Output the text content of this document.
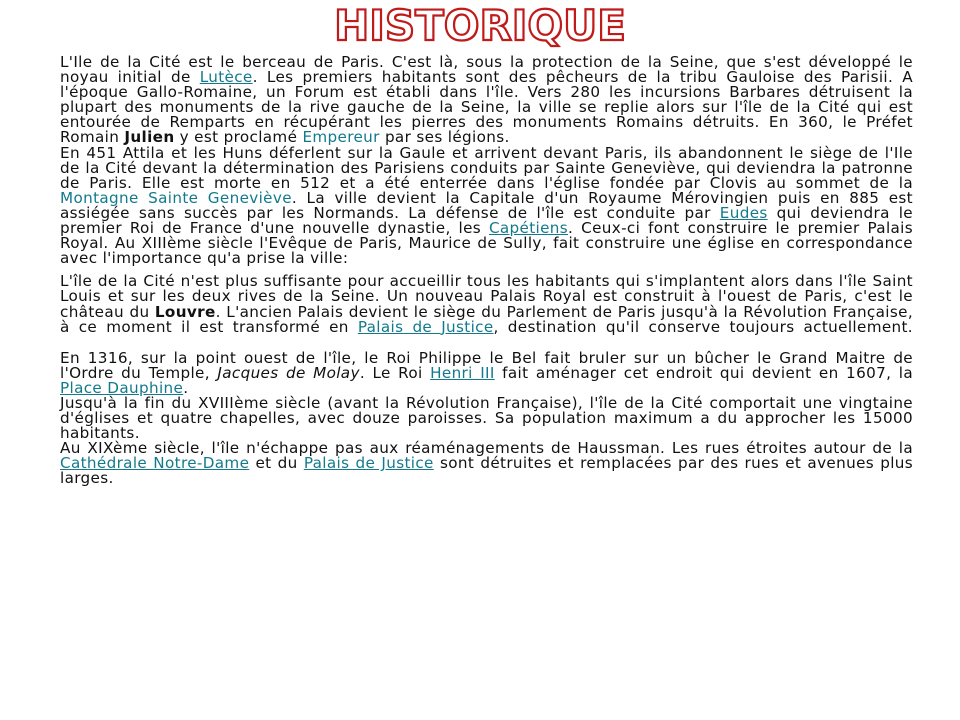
HISTORIQUE

L'Ile de la Cité est le berceau de Paris. C'est là, sous la protection de la Seine, que s'est développé le noyau initial de Lutèce. Les premiers habitants sont des pêcheurs de la tribu Gauloise des Parisii. A l'époque Gallo-Romaine, un Forum est établi dans l'île. Vers 280 les incursions Barbares détruisent la plupart des monuments de la rive gauche de la Seine, la ville se replie alors sur l'île de la Cité qui est entourée de Remparts en récupérant les pierres des monuments Romains détruits. En 360, le Préfet Romain Julien y est proclamé Empereur par ses légions.

En 451 Attila et les Huns déferlent sur la Gaule et arrivent devant Paris, ils abandonnent le siège de l'Ile de la Cité devant la détermination des Parisiens conduits par Sainte Geneviève, qui deviendra la patronne de Paris. Elle est morte en 512 et a été enterrée dans l'église fondée par Clovis au sommet de la Montagne Sainte Geneviève. La ville devient la Capitale d'un Royaume Mérovingien puis en 885 est assiégée sans succès par les Normands. La défense de l'île est conduite par Eudes qui deviendra le premier Roi de France d'une nouvelle dynastie, les Capétiens. Ceux-ci font construire le premier Palais Royal. Au XIIIème siècle l'Evêque de Paris, Maurice de Sully, fait construire une église en correspondance avec l'importance qu'a prise la ville:

L'île de la Cité n'est plus suffisante pour accueillir tous les habitants qui s'implantent alors dans l'île Saint Louis et sur les deux rives de la Seine. Un nouveau Palais Royal est construit à l'ouest de Paris, c'est le château du Louvre. L'ancien Palais devient le siège du Parlement de Paris jusqu'à la Révolution Française, à ce moment il est transformé en Palais de Justice, destination qu'il conserve toujours actuellement.

En 1316, sur la point ouest de l'île, le Roi Philippe le Bel fait bruler sur un bûcher le Grand Maitre de l'Ordre du Temple, Jacques de Molay. Le Roi Henri III fait aménager cet endroit qui devient en 1607, la Place Dauphine.

Jusqu'à la fin du XVIIIème siècle (avant la Révolution Française), l'île de la Cité comportait une vingtaine d'églises et quatre chapelles, avec douze paroisses. Sa population maximum a du approcher les 15000 habitants.

Au XIXème siècle, l'île n'échappe pas aux réaménagements de Haussman. Les rues étroites autour de la Cathédrale Notre-Dame et du Palais de Justice sont détruites et remplacées par des rues et avenues plus larges.
